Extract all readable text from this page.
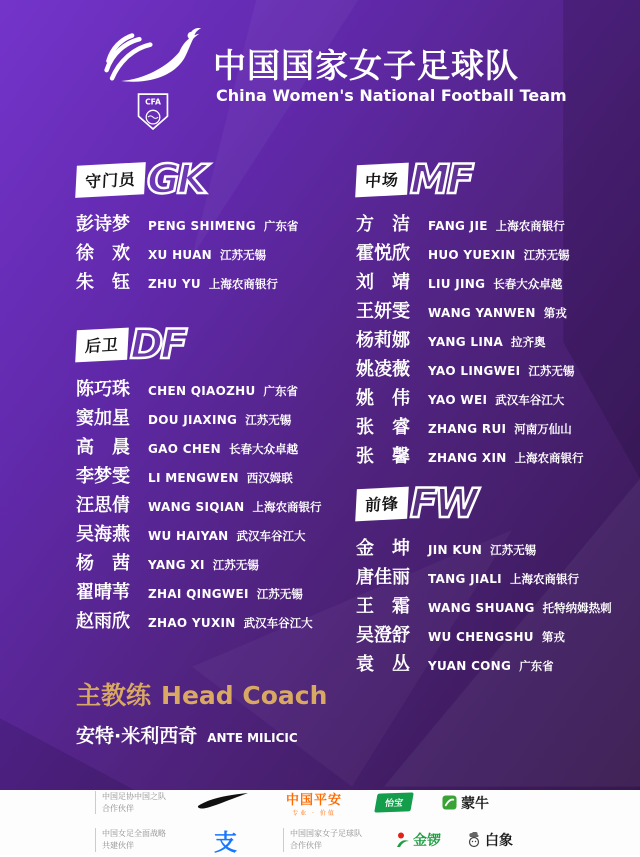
CFA
中国国家女子足球队
China Women's National Football Team
守门员 GK
彭诗梦	PENG SHIMENG 广东省
徐　欢	XU HUAN 江苏无锡
朱　钰	ZHU YU 上海农商银行
后卫 DF
陈巧珠	CHEN QIAOZHU 广东省
窦加星	DOU JIAXING 江苏无锡
高　晨	GAO CHEN 长春大众卓越
李梦雯	LI MENGWEN 西汉姆联
汪思倩	WANG SIQIAN 上海农商银行
吴海燕	WU HAIYAN 武汉车谷江大
杨　茜	YANG XI 江苏无锡
翟晴苇	ZHAI QINGWEI 江苏无锡
赵雨欣	ZHAO YUXIN 武汉车谷江大
中场 MF
方　洁	FANG JIE 上海农商银行
霍悦欣	HUO YUEXIN 江苏无锡
刘　靖	LIU JING 长春大众卓越
王妍雯	WANG YANWEN 第戎
杨莉娜	YANG LINA 拉齐奥
姚凌薇	YAO LINGWEI 江苏无锡
姚　伟	YAO WEI 武汉车谷江大
张　睿	ZHANG RUI 河南万仙山
张　馨	ZHANG XIN 上海农商银行
前锋 FW
金　坤	JIN KUN 江苏无锡
唐佳丽	TANG JIALI 上海农商银行
王　霜	WANG SHUANG 托特纳姆热刺
吴澄舒	WU CHENGSHU 第戎
袁　丛	YUAN CONG 广东省
主教练 Head Coach
安特·米利西奇 ANTE MILICIC
中国足协中国之队
合作伙伴
中国平安
专业 · 价值
怡宝	蒙牛
中国女足全面战略
共建伙伴	支	中国国家女子足球队
合作伙伴	金锣	白象
